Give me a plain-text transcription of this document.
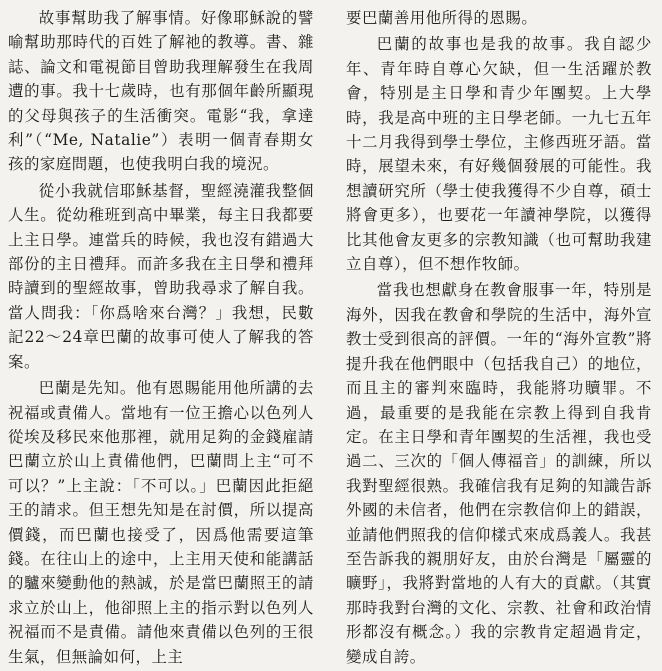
故事幫助我了解事情。好像耶穌說的譬喻幫助那時代的百姓了解祂的教導。書、雜誌、論文和電視節目曾助我理解發生在我周遭的事。我十七歲時，也有那個年齡所顯現的父母與孩子的生活衝突。電影“我，拿達利”（“Me, Natalie”）表明一個青春期女孩的家庭問題，也使我明白我的境況。

從小我就信耶穌基督，聖經澆灌我整個人生。從幼稚班到高中畢業，每主日我都要上主日學。連當兵的時候，我也沒有錯過大部份的主日禮拜。而許多我在主日學和禮拜時讀到的聖經故事，曾助我尋求了解自我。當人問我：「你爲啥來台灣？」我想，民數記22～24章巴蘭的故事可使人了解我的答案。

巴蘭是先知。他有恩賜能用他所講的去祝福或責備人。當地有一位王擔心以色列人從埃及移民來他那裡，就用足夠的金錢雇請巴蘭立於山上責備他們，巴蘭問上主“可不可以？”上主說：「不可以。」巴蘭因此拒絕王的請求。但王想先知是在討價，所以提高價錢，而巴蘭也接受了，因爲他需要這筆錢。在往山上的途中，上主用天使和能講話的驢來變動他的熱誠，於是當巴蘭照王的請求立於山上，他卻照上主的指示對以色列人祝福而不是責備。請他來責備以色列的王很生氣，但無論如何，上主

要巴蘭善用他所得的恩賜。

巴蘭的故事也是我的故事。我自認少年、青年時自尊心欠缺，但一生活躍於教會，特別是主日學和青少年團契。上大學時，我是高中班的主日學老師。一九七五年十二月我得到學士學位，主修西班牙語。當時，展望未來，有好幾個發展的可能性。我想讀研究所（學士使我獲得不少自尊，碩士將會更多），也要花一年讀神學院，以獲得比其他會友更多的宗教知識（也可幫助我建立自尊），但不想作牧師。

當我也想獻身在教會服事一年，特別是海外，因我在教會和學院的生活中，海外宣教士受到很高的評價。一年的“海外宣教”將提升我在他們眼中（包括我自己）的地位，而且主的審判來臨時，我能將功贖罪。不過，最重要的是我能在宗教上得到自我肯定。在主日學和青年團契的生活裡，我也受過二、三次的「個人傳福音」的訓練，所以我對聖經很熟。我確信我有足夠的知識告訴外國的未信者，他們在宗教信仰上的錯誤，並請他們照我的信仰樣式來成爲義人。我甚至告訴我的親朋好友，由於台灣是「屬靈的曠野」，我將對當地的人有大的貢獻。（其實那時我對台灣的文化、宗教、社會和政治情形都沒有概念。）我的宗教肯定超過肯定，變成自誇。
